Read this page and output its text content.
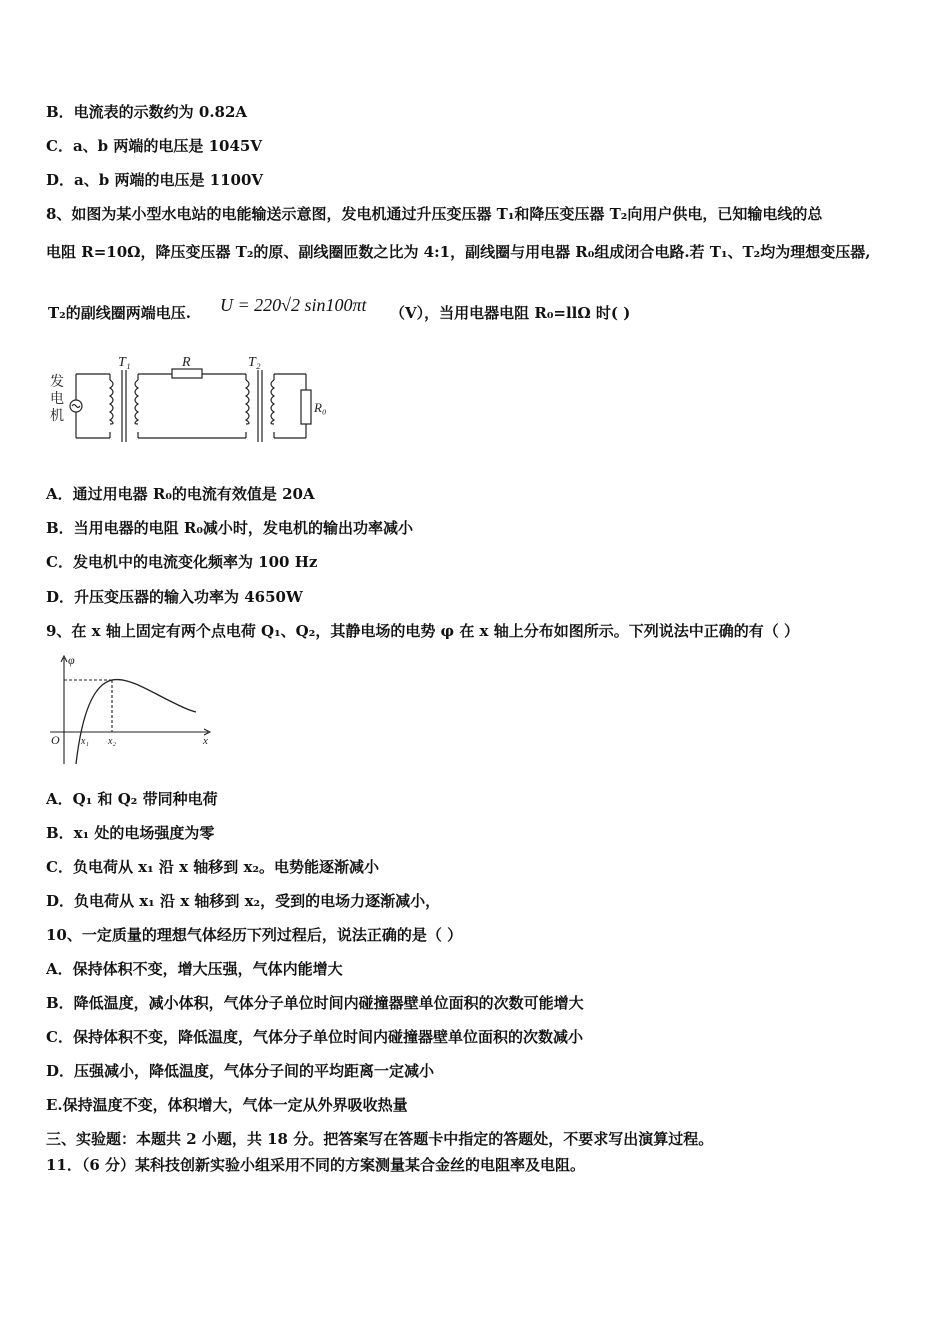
B．电流表的示数约为 0.82A
C．a、b 两端的电压是 1045V
D．a、b 两端的电压是 1100V
8、如图为某小型水电站的电能输送示意图，发电机通过升压变压器 T₁和降压变压器 T₂向用户供电，已知输电线的总
电阻 R=10Ω，降压变压器 T₂的原、副线圈匝数之比为 4:1，副线圈与用电器 R₀组成闭合电路.若 T₁、T₂均为理想变压器,
T₂的副线圈两端电压. U = 220√2 sin100πt （V），当用电器电阻 R₀=llΩ 时( )
发
电
机
T₁	R	T₂
R₀
A．通过用电器 R₀的电流有效值是 20A
B．当用电器的电阻 R₀减小时，发电机的输出功率减小
C．发电机中的电流变化频率为 100 Hz
D．升压变压器的输入功率为 4650W
9、在 x 轴上固定有两个点电荷 Q₁、Q₂，其静电场的电势 φ 在 x 轴上分布如图所示。下列说法中正确的有（ ）
φ
O x₁ x₂	x
A．Q₁ 和 Q₂ 带同种电荷
B．x₁ 处的电场强度为零
C．负电荷从 x₁ 沿 x 轴移到 x₂。电势能逐渐减小
D．负电荷从 x₁ 沿 x 轴移到 x₂，受到的电场力逐渐减小，
10、一定质量的理想气体经历下列过程后，说法正确的是（ ）
A．保持体积不变，增大压强，气体内能增大
B．降低温度，减小体积，气体分子单位时间内碰撞器壁单位面积的次数可能增大
C．保持体积不变，降低温度，气体分子单位时间内碰撞器壁单位面积的次数减小
D．压强减小，降低温度，气体分子间的平均距离一定减小
E.保持温度不变，体积增大，气体一定从外界吸收热量
三、实验题：本题共 2 小题，共 18 分。把答案写在答题卡中指定的答题处，不要求写出演算过程。
11．（6 分）某科技创新实验小组采用不同的方案测量某合金丝的电阻率及电阻。
